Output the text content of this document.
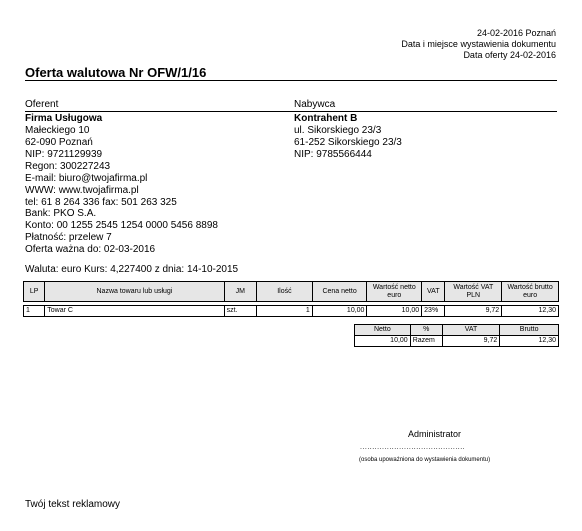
24-02-2016 Poznań
Data i miejsce wystawienia dokumentu
Data oferty 24-02-2016
Oferta walutowa Nr OFW/1/16
Oferent	Nabywca
Firma Usługowa
Małeckiego 10
62-090 Poznań
NIP: 9721129939
Regon: 300227243
E-mail: biuro@twojafirma.pl
WWW: www.twojafirma.pl
tel: 61 8 264 336 fax: 501 263 325
Kontrahent B
ul. Sikorskiego 23/3
61-252 Sikorskiego 23/3
NIP: 9785566444
Bank: PKO S.A.
Konto: 00 1255 2545 1254 0000 5456 8898
Płatność: przelew 7
Oferta ważna do: 02-03-2016
Waluta: euro Kurs: 4,227400 z dnia: 14-10-2015
LP	Nazwa towaru lub usługi	JM	Ilość	Cena netto	Wartość netto euro	VAT	Wartość VAT PLN	Wartość brutto euro

1	Towar C	szt.	1	10,00	10,00	23%	9,72	12,30
Netto	%	VAT	Brutto
10,00	Razem	9,72	12,30
Administrator
...........................................
(osoba upoważniona do wystawienia dokumentu)
Twój tekst reklamowy
